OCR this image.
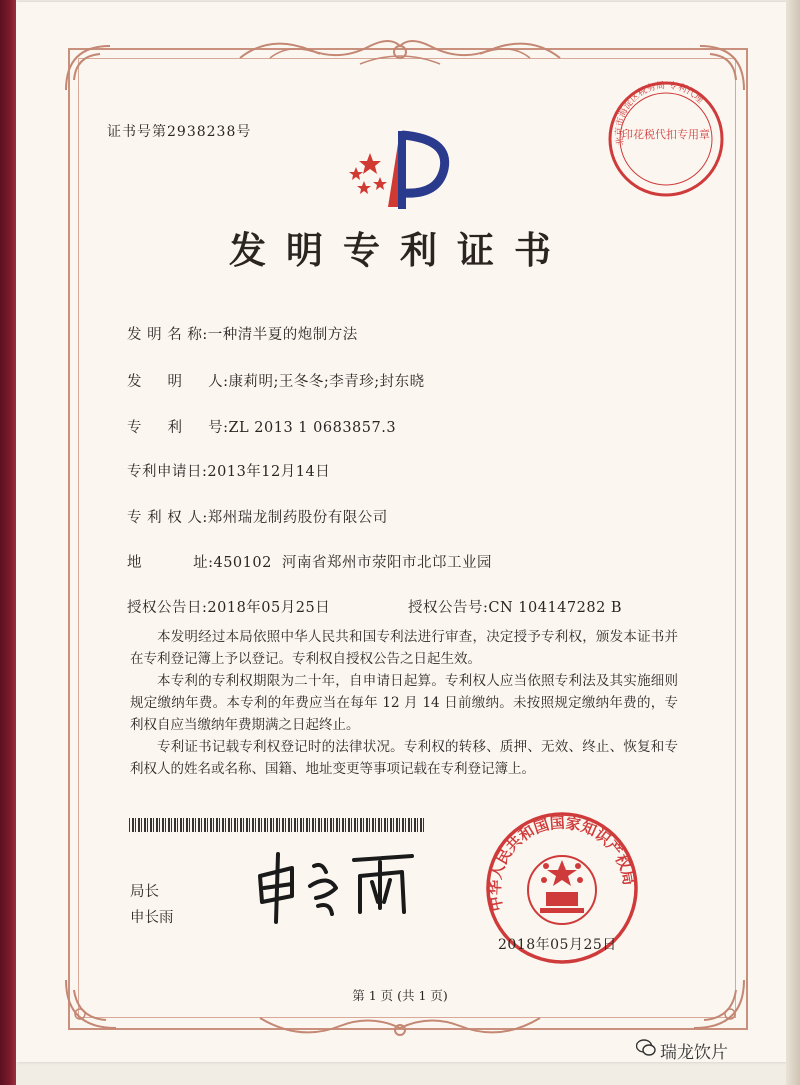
证书号第2938238号	印花税代扣专用章
北京市海淀区税务局 专利代理
发明专利证书
发 明 名 称:一种清半夏的炮制方法
发     明     人:康莉明;王冬冬;李青珍;封东晓
专     利     号:ZL 2013 1 0683857.3
专利申请日:2013年12月14日
专 利 权 人:郑州瑞龙制药股份有限公司
地          址:450102  河南省郑州市荥阳市北邙工业园
授权公告日:2018年05月25日	授权公告号:CN 104147282 B

本发明经过本局依照中华人民共和国专利法进行审查，决定授予专利权，颁发本证书并在专利登记簿上予以登记。专利权自授权公告之日起生效。

本专利的专利权期限为二十年，自申请日起算。专利权人应当依照专利法及其实施细则规定缴纳年费。本专利的年费应当在每年 12 月 14 日前缴纳。未按照规定缴纳年费的，专利权自应当缴纳年费期满之日起终止。

专利证书记载专利权登记时的法律状况。专利权的转移、质押、无效、终止、恢复和专利权人的姓名或名称、国籍、地址变更等事项记载在专利登记簿上。

局长
申长雨
中华人民共和国国家知识产权局
2018年05月25日
第 1 页 (共 1 页)
瑞龙饮片
